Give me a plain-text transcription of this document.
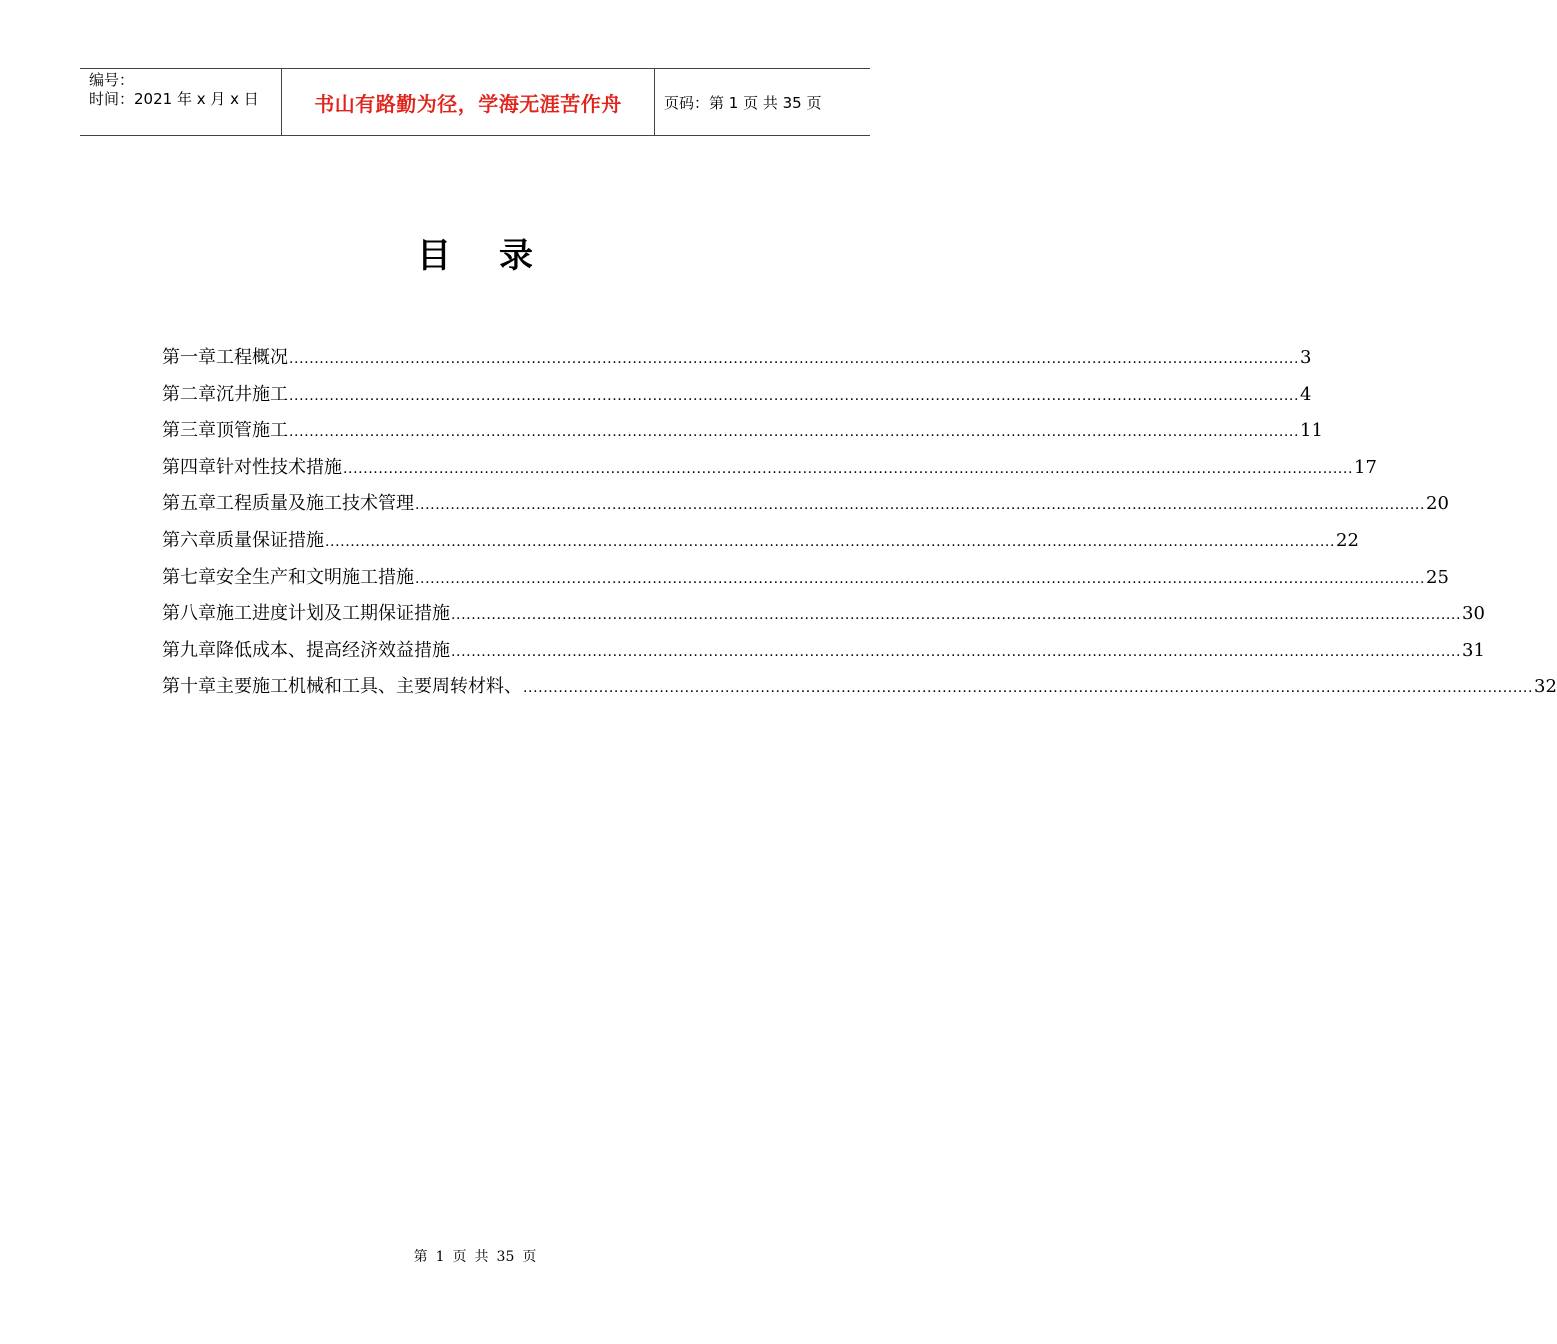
编号：
时间：2021 年 x 月 x 日	书山有路勤为径，学海无涯苦作舟	页码：第 1 页 共 35 页
目 录
第一章 工程概况 ........................................................................................................................................................................................................ 3
第二章 沉井施工 ........................................................................................................................................................................................................ 4
第三章 顶管施工 ........................................................................................................................................................................................................ 11
第四章 针对性技术措施 ........................................................................................................................................................................................................ 17
第五章 工程质量及施工技术管理 ........................................................................................................................................................................................................ 20
第六章 质量保证措施 ........................................................................................................................................................................................................ 22
第七章 安全生产和文明施工措施 ........................................................................................................................................................................................................ 25
第八章 施工进度计划及工期保证措施 ........................................................................................................................................................................................................ 30
第九章 降低成本、提高经济效益措施 ........................................................................................................................................................................................................ 31
第十章 主要施工机械和工具、主要周转材料、 ........................................................................................................................................................................................................ 32
第 1 页 共 35 页
